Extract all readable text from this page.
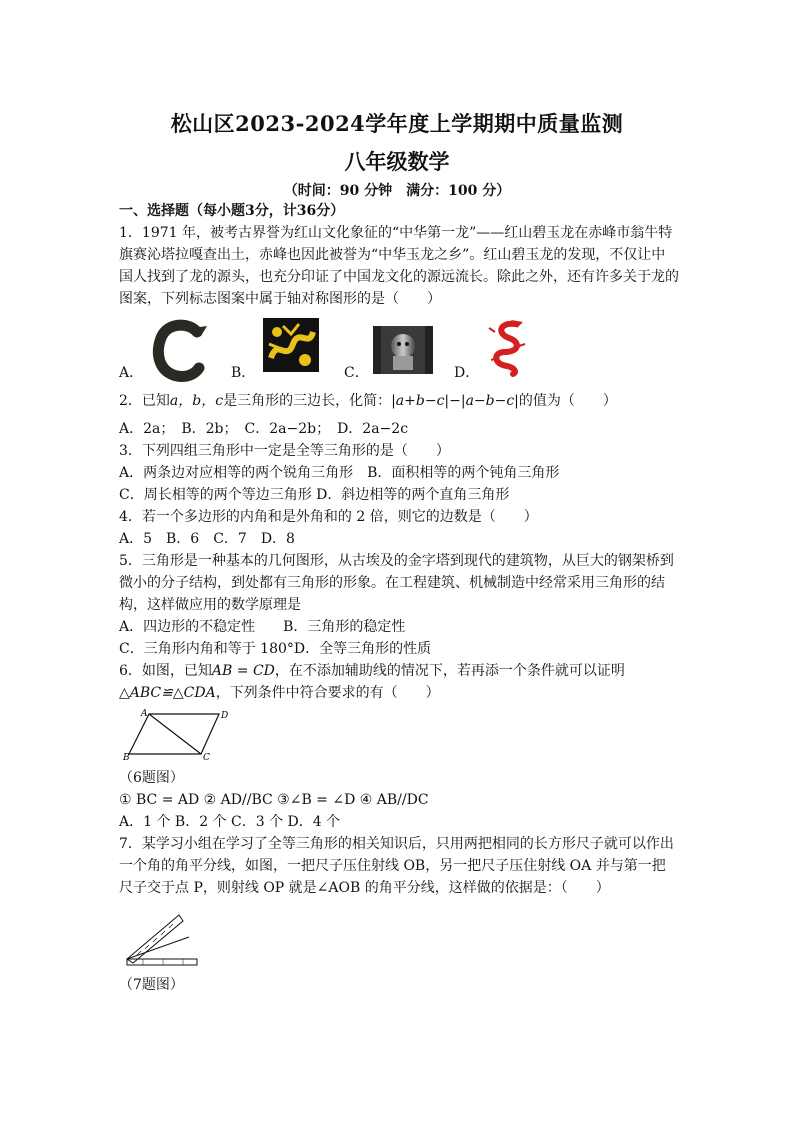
松山区2023-2024学年度上学期期中质量监测
八年级数学
（时间：90 分钟　满分：100 分）

一、选择题（每小题3分，计36分）

1．1971 年，被考古界誉为红山文化象征的“中华第一龙”——红山碧玉龙在赤峰市翁牛特旗赛沁塔拉嘎查出土，赤峰也因此被誉为“中华玉龙之乡”。红山碧玉龙的发现，不仅让中国人找到了龙的源头，也充分印证了中国龙文化的源远流长。除此之外，还有许多关于龙的图案，下列标志图案中属于轴对称图形的是（　　）

A．	B．	C．	D．

2．已知a，b，c是三角形的三边长，化简：|a+b−c|−|a−b−c|的值为（　　）

A．2a；　B．2b；　C．2a−2b；　D．2a−2c

3．下列四组三角形中一定是全等三角形的是（　　）

A．两条边对应相等的两个锐角三角形　B．面积相等的两个钝角三角形

C．周长相等的两个等边三角形 D．斜边相等的两个直角三角形

4．若一个多边形的内角和是外角和的 2 倍，则它的边数是（　　）

A．5　B．6　C．7　D．8

5．三角形是一种基本的几何图形，从古埃及的金字塔到现代的建筑物，从巨大的钢架桥到微小的分子结构，到处都有三角形的形象。在工程建筑、机械制造中经常采用三角形的结构，这样做应用的数学原理是

A．四边形的不稳定性　　B．三角形的稳定性

C．三角形内角和等于 180°D．全等三角形的性质

6．如图，已知AB = CD，在不添加辅助线的情况下，若再添一个条件就可以证明△ABC≌△CDA，下列条件中符合要求的有（　　）

A	D
B	C

（6题图）

① BC = AD ② AD//BC ③∠B = ∠D ④ AB//DC

A．1 个 B．2 个 C．3 个 D．4 个

7．某学习小组在学习了全等三角形的相关知识后，只用两把相同的长方形尺子就可以作出一个角的角平分线，如图，一把尺子压住射线 OB，另一把尺子压住射线 OA 并与第一把尺子交于点 P，则射线 OP 就是∠AOB 的角平分线，这样做的依据是：（　　）

（7题图）
